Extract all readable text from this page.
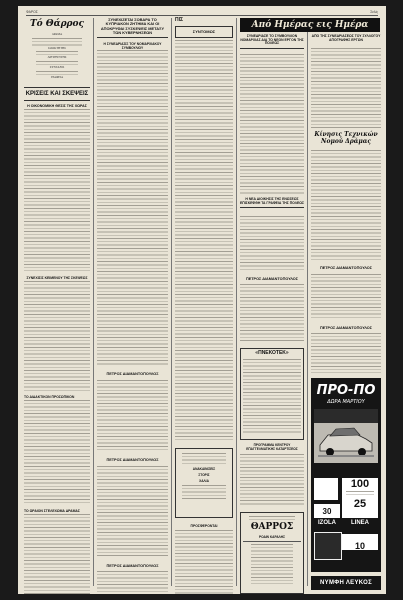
ΦΑΡΟΣ	Σελίς
Τό Θάρρος
ΔΡΑΜΑ
ΙΔΙΟΚΤΗΤΗΣ
ΔΙΕΥΘΥΝΤΗΣ
ΣΥΝΤΑΞΙΣ
ΓΡΑΦΕΙΑ
ΚΡΙΣΕΙΣ ΚΑΙ ΣΚΕΨΕΙΣ
Η ΟΙΚΟΝΟΜΙΚΗ ΘΕΣΙΣ ΤΗΣ ΧΩΡΑΣ
ΣΥΝΕΧΙΣΙΣ ΚΕΙΜΕΝΟΥ ΤΗΣ ΣΚΕΨΕΩΣ
ΤΟ ΔΙΔΑΚΤΙΚΟΝ ΠΡΟΣΩΠΙΚΟΝ
ΤΟ ΩΡΑΙΟΝ ΣΤΕΛΕΧΩΜΑ ΔΡΑΜΑΣ
ΣΥΝΕΧΙΖΕΤΑΙ ΣΟΒΑΡΑ ΤΟ ΚΥΠΡΙΑΚΟΝ ΖΗΤΗΜΑ ΚΑΙ ΟΙ ΑΠΟΚΡΥΦΑΙ ΣΥΣΚΕΨΕΙΣ ΜΕΤΑΞΥ ΤΩΝ ΚΥΒΕΡΝΗΣΕΩΝ
Η ΣΥΝΕΔΡΙΑΣΙΣ ΤΟΥ ΝΟΜΑΡΧΙΑΚΟΥ ΣΥΜΒΟΥΛΙΟΥ
ΠΕΤΡΟΣ ΔΙΑΜΑΝΤΟΠΟΥΛΟΣ
ΠΕΤΡΟΣ ΔΙΑΜΑΝΤΟΠΟΥΛΟΣ
ΠΕΤΡΟΣ ΔΙΑΜΑΝΤΟΠΟΥΛΟΣ
ΠΙΣ
ΣΥΝΤΟΜΩΣ
ΑΝΑΚΑΙΝΙΣΕΙΣ
ΣΤΟΡΙΣ
ΧΑΛΙΑ
ΠΡΟΣΦΕΡΟΝΤΑΙ
Από Ημέρας εις Ημέρα
ΣΥΝΕΔΡΙΑΣΕ ΤΟ ΣΥΜΒΟΥΛΙΟΝ ΝΟΜΑΡΧΙΑΣ ΔΙΑ ΤΟ ΝΕΟΝ ΕΡΓΟΝ ΤΗΣ ΠΟΛΕΩΣ
Η ΝΕΑ ΔΙΟΙΚΗΣΙΣ ΤΗΣ ΕΝΩΣΕΩΣ ΕΠΙΣΚΕΦΘΗ ΤΑ ΓΡΑΦΕΙΑ ΤΗΣ ΠΟΛΕΩΣ
ΠΕΤΡΟΣ ΔΙΑΜΑΝΤΟΠΟΥΛΟΣ
«ΠΝΕΚΟΤΕΚ»
ΠΡΟΓΡΑΜΜΑ ΚΕΝΤΡΟΥ ΕΠΑΓΓΕΛΜΑΤΙΚΗΣ ΚΑΤΑΡΤΙΣΕΩΣ
ΘΑΡΡΟΣ
ΡΟΔΙΝ ΚΑΡΑΛΗΣ
ΑΠΟ ΤΗΣ ΣΥΝΕΔΡΙΑΣΕΩΣ ΤΟΥ ΣΥΛΛΟΓΟΥ ΑΠΟΓΡΑΦΗΣ ΕΡΓΩΝ
Κίνησις Τεχνικών Νομού Δράμας
ΠΕΤΡΟΣ ΔΙΑΜΑΝΤΟΠΟΥΛΟΣ
ΠΕΤΡΟΣ ΔΙΑΜΑΝΤΟΠΟΥΛΟΣ
ΠΡΟ-ΠΟ
ΔΩΡΑ ΜΑΡΤΙΟΥ
100
25
30
IZOLA	LINEA
10
ΝΥΜΦΗ ΛΕΥΚΟΣ
